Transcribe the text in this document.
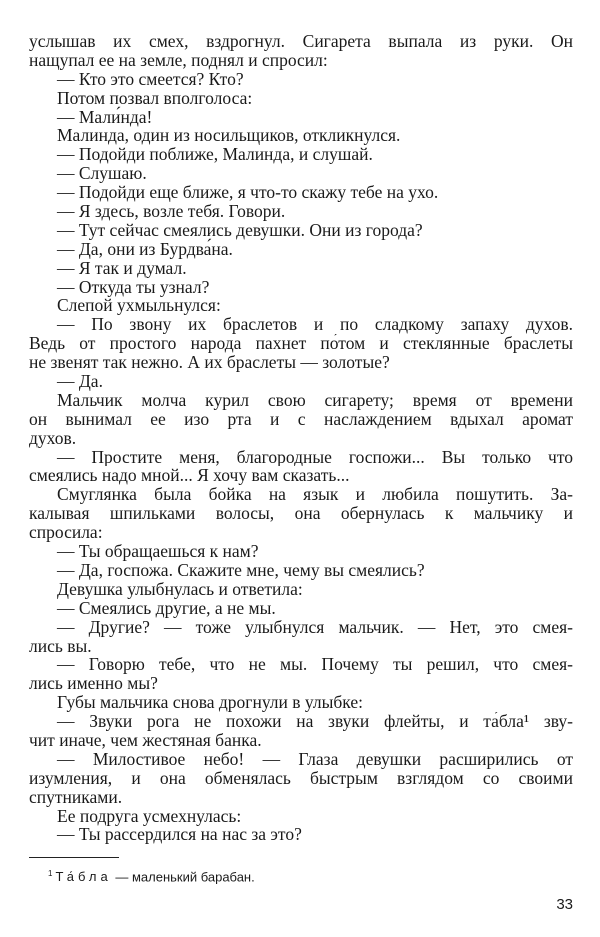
услышав их смех, вздрогнул. Сигарета выпала из руки. Он
нащупал ее на земле, поднял и спросил:
— Кто это смеется? Кто?
Потом позвал вполголоса:
— Мали́нда!
Малинда, один из носильщиков, откликнулся.
— Подойди поближе, Малинда, и слушай.
— Слушаю.
— Подойди еще ближе, я что-то скажу тебе на ухо.
— Я здесь, возле тебя. Говори.
— Тут сейчас смеялись девушки. Они из города?
— Да, они из Бурдва́на.
— Я так и думал.
— Откуда ты узнал?
Слепой ухмыльнулся:
— По звону их браслетов и по сладкому запаху духов.
Ведь от простого народа пахнет по́том и стеклянные браслеты
не звенят так нежно. А их браслеты — золотые?
— Да.
Мальчик молча курил свою сигарету; время от времени
он вынимал ее изо рта и с наслаждением вдыхал аромат
духов.
— Простите меня, благородные госпожи... Вы только что
смеялись надо мной... Я хочу вам сказать...
Смуглянка была бойка на язык и любила пошутить. За-
калывая шпильками волосы, она обернулась к мальчику и
спросила:
— Ты обращаешься к нам?
— Да, госпожа. Скажите мне, чему вы смеялись?
Девушка улыбнулась и ответила:
— Смеялись другие, а не мы.
— Другие? — тоже улыбнулся мальчик. — Нет, это смея-
лись вы.
— Говорю тебе, что не мы. Почему ты решил, что смея-
лись именно мы?
Губы мальчика снова дрогнули в улыбке:
— Звуки рога не похожи на звуки флейты, и та́бла¹ зву-
чит иначе, чем жестяная банка.
— Милостивое небо! — Глаза девушки расширились от
изумления, и она обменялась быстрым взглядом со своими
спутниками.
Ее подруга усмехнулась:
— Ты рассердился на нас за это?
$^1$ Та́бла — маленький барабан.
33
